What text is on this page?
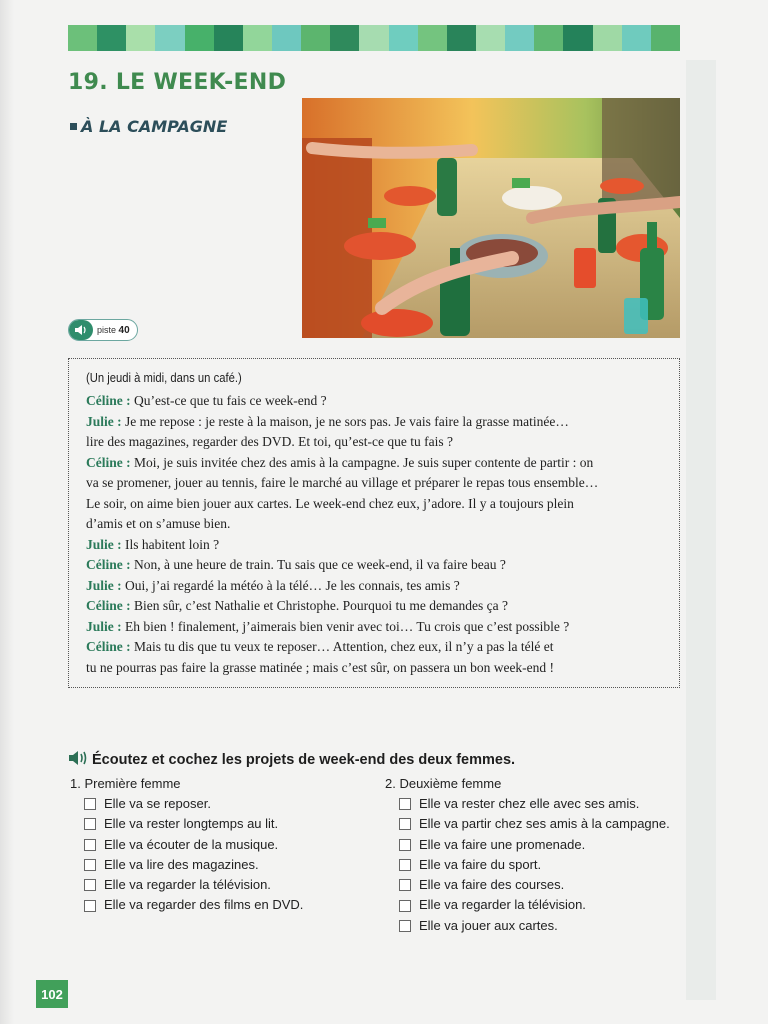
19. LE WEEK-END
À LA CAMPAGNE
piste 40
(Un jeudi à midi, dans un café.)
Céline : Qu’est-ce que tu fais ce week-end ?
Julie : Je me repose : je reste à la maison, je ne sors pas. Je vais faire la grasse matinée…
lire des magazines, regarder des DVD. Et toi, qu’est-ce que tu fais ?
Céline : Moi, je suis invitée chez des amis à la campagne. Je suis super contente de partir : on
va se promener, jouer au tennis, faire le marché au village et préparer le repas tous ensemble…
Le soir, on aime bien jouer aux cartes. Le week-end chez eux, j’adore. Il y a toujours plein
d’amis et on s’amuse bien.
Julie : Ils habitent loin ?
Céline : Non, à une heure de train. Tu sais que ce week-end, il va faire beau ?
Julie : Oui, j’ai regardé la météo à la télé… Je les connais, tes amis ?
Céline : Bien sûr, c’est Nathalie et Christophe. Pourquoi tu me demandes ça ?
Julie : Eh bien ! finalement, j’aimerais bien venir avec toi… Tu crois que c’est possible ?
Céline : Mais tu dis que tu veux te reposer… Attention, chez eux, il n’y a pas la télé et
tu ne pourras pas faire la grasse matinée ; mais c’est sûr, on passera un bon week-end !
Écoutez et cochez les projets de week-end des deux femmes.
1. Première femme
Elle va se reposer.
Elle va rester longtemps au lit.
Elle va écouter de la musique.
Elle va lire des magazines.
Elle va regarder la télévision.
Elle va regarder des films en DVD.
2. Deuxième femme
Elle va rester chez elle avec ses amis.
Elle va partir chez ses amis à la campagne.
Elle va faire une promenade.
Elle va faire du sport.
Elle va faire des courses.
Elle va regarder la télévision.
Elle va jouer aux cartes.
102
